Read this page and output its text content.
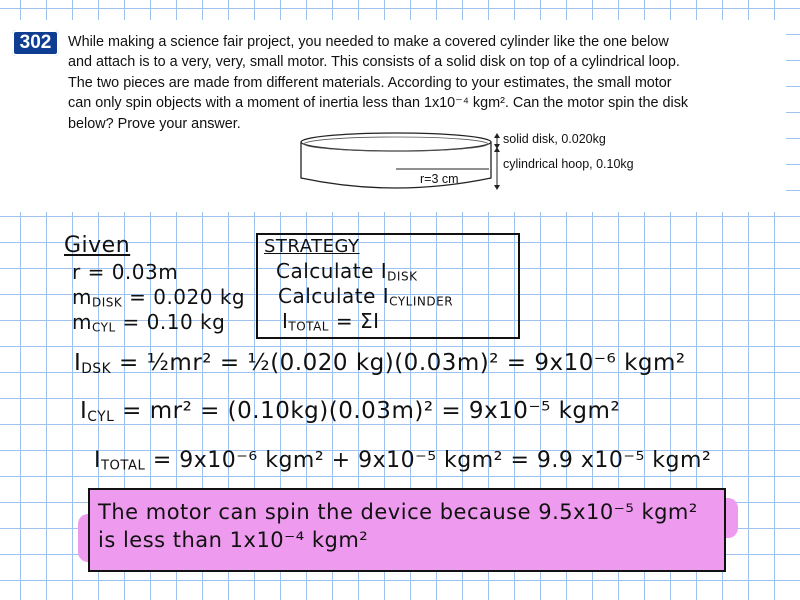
302	While making a science fair project, you needed to make a covered cylinder like the one below

and attach is to a very, very, small motor. This consists of a solid disk on top of a cylindrical loop.

The two pieces are made from different materials. According to your estimates, the small motor

can only spin objects with a moment of inertia less than 1x10⁻⁴ kgm². Can the motor spin the disk

below? Prove your answer.

solid disk, 0.020kg
cylindrical hoop, 0.10kg
r=3 cm
Given
r = 0.03m
$m_{DISK} = 0.020$ kg
$m_{CYL} = 0.10$ kg
STRATEGY
Calculate $I_{DISK}$
Calculate $I_{CYLINDER}$
$I_{TOTAL} = \Sigma I$
$I_{DSK}$ = ½mr² = ½(0.020 kg)(0.03m)² = 9x10⁻⁶ kgm²
$I_{CYL} = mr^2 = (0.10kg)(0.03m)^2 = 9x10^{-5}$ kgm²
$I_{TOTAL} = 9x10^{-6}$ kgm² + 9x10⁻⁵ kgm² = 9.9 x10⁻⁵ kgm²
The motor can spin the device because 9.5x10⁻⁵ kgm²
is less than 1x10⁻⁴ kgm²
